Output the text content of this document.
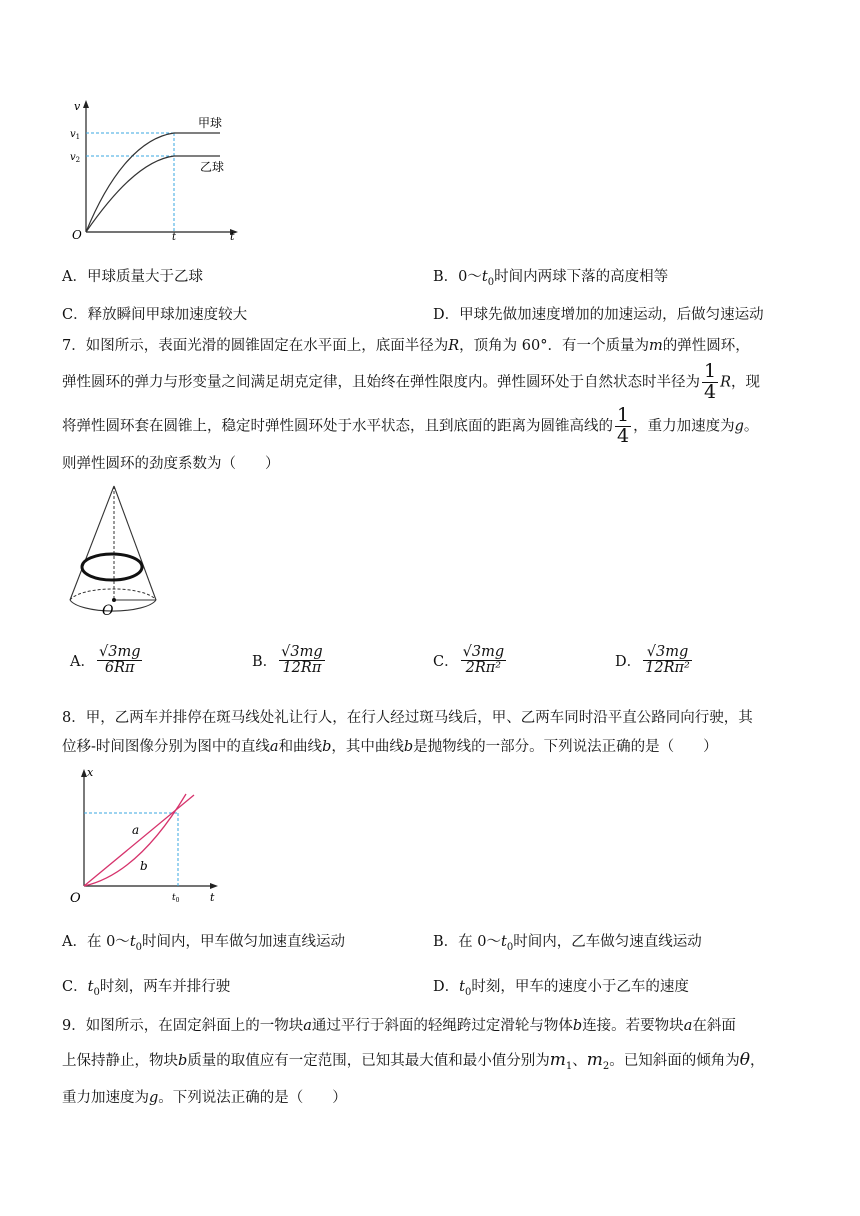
v
t
O
$v_1$
$v_2$
t
甲球
乙球
A．甲球质量大于乙球	B．$0\sim t_0$时间内两球下落的高度相等
C．释放瞬间甲球加速度较大	D．甲球先做加速度增加的加速运动，后做匀速运动
7．如图所示，表面光滑的圆锥固定在水平面上，底面半径为R，顶角为 60°．有一个质量为m的弹性圆环，
弹性圆环的弹力与形变量之间满足胡克定律，且始终在弹性限度内。弹性圆环处于自然状态时半径为 $\frac{1}{4}$ R，现
将弹性圆环套在圆锥上，稳定时弹性圆环处于水平状态，且到底面的距离为圆锥高线的 $\frac{1}{4}$ ，重力加速度为g。
则弹性圆环的劲度系数为（　　）
O
A． $\frac{√3mg}{6R\pi}$	B． $\frac{√3mg}{12R\pi}$	C． $\frac{√3mg}{\text{2Rπ²}}$	D． $\frac{√3mg}{\text{12Rπ²}}$
8．甲，乙两车并排停在斑马线处礼让行人，在行人经过斑马线后，甲、乙两车同时沿平直公路同向行驶，其
位移-时间图像分别为图中的直线a和曲线b，其中曲线b是抛物线的一部分。下列说法正确的是（　　）
x
t
O
a
b
$t_0$
A．在 $0\sim t_0$时间内，甲车做匀加速直线运动	B．在 $0\sim t_0$时间内，乙车做匀速直线运动
C．$t_0$时刻，两车并排行驶	D．$t_0$时刻，甲车的速度小于乙车的速度
9．如图所示，在固定斜面上的一物块a通过平行于斜面的轻绳跨过定滑轮与物体b连接。若要物块a在斜面
上保持静止，物块b质量的取值应有一定范围，已知其最大值和最小值分别为$m_1$、$m_2$。已知斜面的倾角为θ，
重力加速度为g。下列说法正确的是（　　）
